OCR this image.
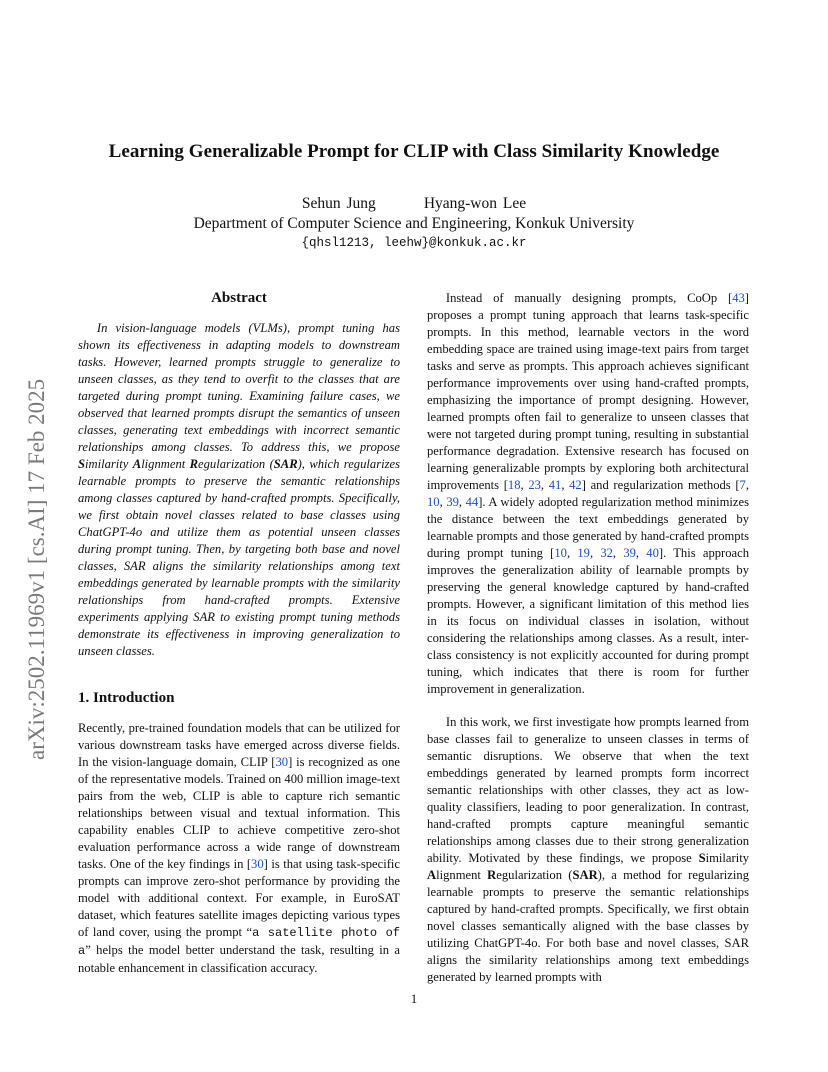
Learning Generalizable Prompt for CLIP with Class Similarity Knowledge
Sehun Jung	Hyang-won Lee
Department of Computer Science and Engineering, Konkuk University
{qhsl1213, leehw}@konkuk.ac.kr
arXiv:2502.11969v1 [cs.AI] 17 Feb 2025
Abstract

In vision-language models (VLMs), prompt tuning has shown its effectiveness in adapting models to downstream tasks. However, learned prompts struggle to generalize to unseen classes, as they tend to overfit to the classes that are targeted during prompt tuning. Examining failure cases, we observed that learned prompts disrupt the semantics of unseen classes, generating text embeddings with incorrect semantic relationships among classes. To address this, we propose Similarity Alignment Regularization (SAR), which regularizes learnable prompts to preserve the semantic relationships among classes captured by hand-crafted prompts. Specifically, we first obtain novel classes related to base classes using ChatGPT-4o and utilize them as potential unseen classes during prompt tuning. Then, by targeting both base and novel classes, SAR aligns the similarity relationships among text embeddings generated by learnable prompts with the similarity relationships from hand-crafted prompts. Extensive experiments applying SAR to existing prompt tuning methods demonstrate its effectiveness in improving generalization to unseen classes.

1. Introduction

Recently, pre-trained foundation models that can be utilized for various downstream tasks have emerged across diverse fields. In the vision-language domain, CLIP [30] is recognized as one of the representative models. Trained on 400 million image-text pairs from the web, CLIP is able to capture rich semantic relationships between visual and textual information. This capability enables CLIP to achieve competitive zero-shot evaluation performance across a wide range of downstream tasks. One of the key findings in [30] is that using task-specific prompts can improve zero-shot performance by providing the model with additional context. For example, in EuroSAT dataset, which features satellite images depicting various types of land cover, using the prompt “a satellite photo of a” helps the model better understand the task, resulting in a notable enhancement in classification accuracy.

Instead of manually designing prompts, CoOp [43] proposes a prompt tuning approach that learns task-specific prompts. In this method, learnable vectors in the word embedding space are trained using image-text pairs from target tasks and serve as prompts. This approach achieves significant performance improvements over using hand-crafted prompts, emphasizing the importance of prompt designing. However, learned prompts often fail to generalize to unseen classes that were not targeted during prompt tuning, resulting in substantial performance degradation. Extensive research has focused on learning generalizable prompts by exploring both architectural improvements [18, 23, 41, 42] and regularization methods [7, 10, 39, 44]. A widely adopted regularization method minimizes the distance between the text embeddings generated by learnable prompts and those generated by hand-crafted prompts during prompt tuning [10, 19, 32, 39, 40]. This approach improves the generalization ability of learnable prompts by preserving the general knowledge captured by hand-crafted prompts. However, a significant limitation of this method lies in its focus on individual classes in isolation, without considering the relationships among classes. As a result, inter-class consistency is not explicitly accounted for during prompt tuning, which indicates that there is room for further improvement in generalization.

In this work, we first investigate how prompts learned from base classes fail to generalize to unseen classes in terms of semantic disruptions. We observe that when the text embeddings generated by learned prompts form incorrect semantic relationships with other classes, they act as low-quality classifiers, leading to poor generalization. In contrast, hand-crafted prompts capture meaningful semantic relationships among classes due to their strong generalization ability. Motivated by these findings, we propose Similarity Alignment Regularization (SAR), a method for regularizing learnable prompts to preserve the semantic relationships captured by hand-crafted prompts. Specifically, we first obtain novel classes semantically aligned with the base classes by utilizing ChatGPT-4o. For both base and novel classes, SAR aligns the similarity relationships among text embeddings generated by learned prompts with

1
